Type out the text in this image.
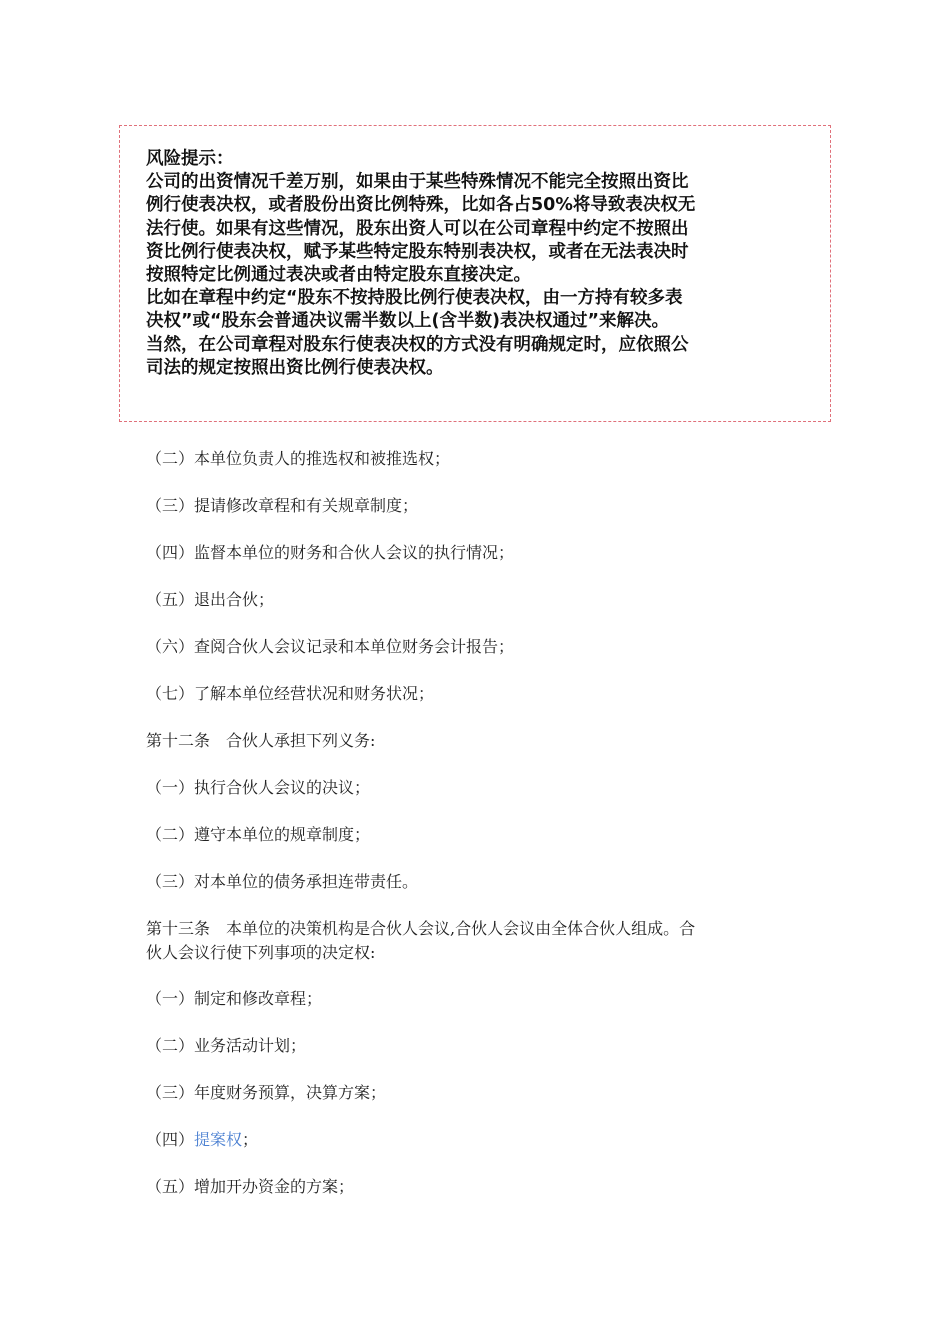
风险提示：
公司的出资情况千差万别，如果由于某些特殊情况不能完全按照出资比
例行使表决权，或者股份出资比例特殊，比如各占50%将导致表决权无
法行使。如果有这些情况，股东出资人可以在公司章程中约定不按照出
资比例行使表决权，赋予某些特定股东特别表决权，或者在无法表决时
按照特定比例通过表决或者由特定股东直接决定。
比如在章程中约定“股东不按持股比例行使表决权，由一方持有较多表
决权”或“股东会普通决议需半数以上(含半数)表决权通过”来解决。
当然，在公司章程对股东行使表决权的方式没有明确规定时，应依照公
司法的规定按照出资比例行使表决权。
（二）本单位负责人的推选权和被推选权；
（三）提请修改章程和有关规章制度；
（四）监督本单位的财务和合伙人会议的执行情况；
（五）退出合伙；
（六）查阅合伙人会议记录和本单位财务会计报告；
（七）了解本单位经营状况和财务状况；
第十二条　合伙人承担下列义务:
（一）执行合伙人会议的决议；
（二）遵守本单位的规章制度；
（三）对本单位的债务承担连带责任。
第十三条　本单位的决策机构是合伙人会议,合伙人会议由全体合伙人组成。合
伙人会议行使下列事项的决定权:
（一）制定和修改章程；
（二）业务活动计划；
（三）年度财务预算，决算方案；
（四）提案权；
（五）增加开办资金的方案；
